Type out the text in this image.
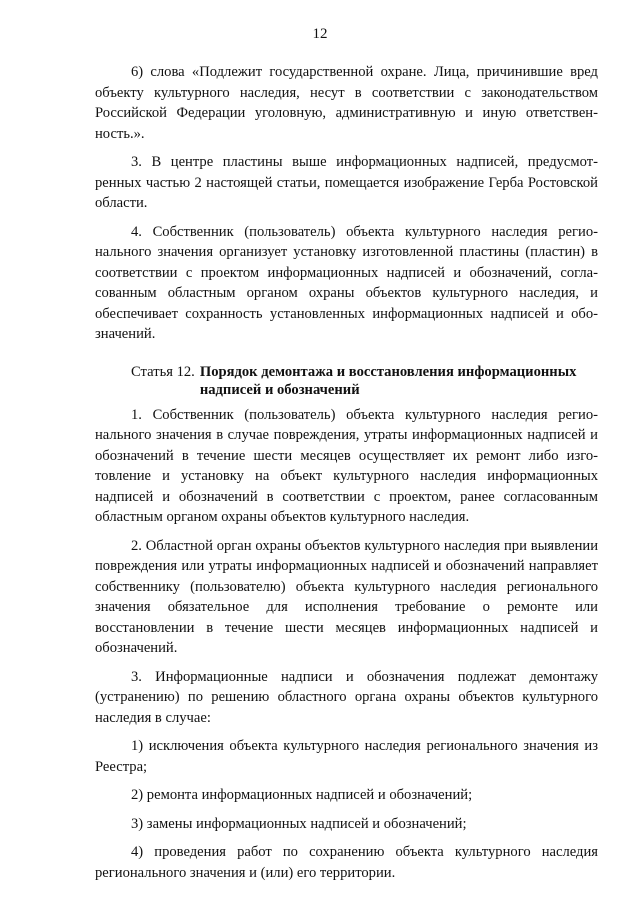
12

6) слова «Подлежит государственной охране. Лица, причинившие вред объекту культурного наследия, несут в соответствии с законодательством Российской Федерации уголовную, административную и иную ответственность.».

3. В центре пластины выше информационных надписей, предусмотренных частью 2 настоящей статьи, помещается изображение Герба Ростовской области.

4. Собственник (пользователь) объекта культурного наследия регионального значения организует установку изготовленной пластины (пластин) в соответствии с проектом информационных надписей и обозначений, согласованным областным органом охраны объектов культурного наследия, и обеспечивает сохранность установленных информационных надписей и обозначений.

Статья 12. Порядок демонтажа и восстановления информационных надписей и обозначений

1. Собственник (пользователь) объекта культурного наследия регионального значения в случае повреждения, утраты информационных надписей и обозначений в течение шести месяцев осуществляет их ремонт либо изготовление и установку на объект культурного наследия информационных надписей и обозначений в соответствии с проектом, ранее согласованным областным органом охраны объектов культурного наследия.

2. Областной орган охраны объектов культурного наследия при выявлении повреждения или утраты информационных надписей и обозначений направляет собственнику (пользователю) объекта культурного наследия регионального значения обязательное для исполнения требование о ремонте или восстановлении в течение шести месяцев информационных надписей и обозначений.

3. Информационные надписи и обозначения подлежат демонтажу (устранению) по решению областного органа охраны объектов культурного наследия в случае:

1) исключения объекта культурного наследия регионального значения из Реестра;

2) ремонта информационных надписей и обозначений;

3) замены информационных надписей и обозначений;

4) проведения работ по сохранению объекта культурного наследия регионального значения и (или) его территории.
